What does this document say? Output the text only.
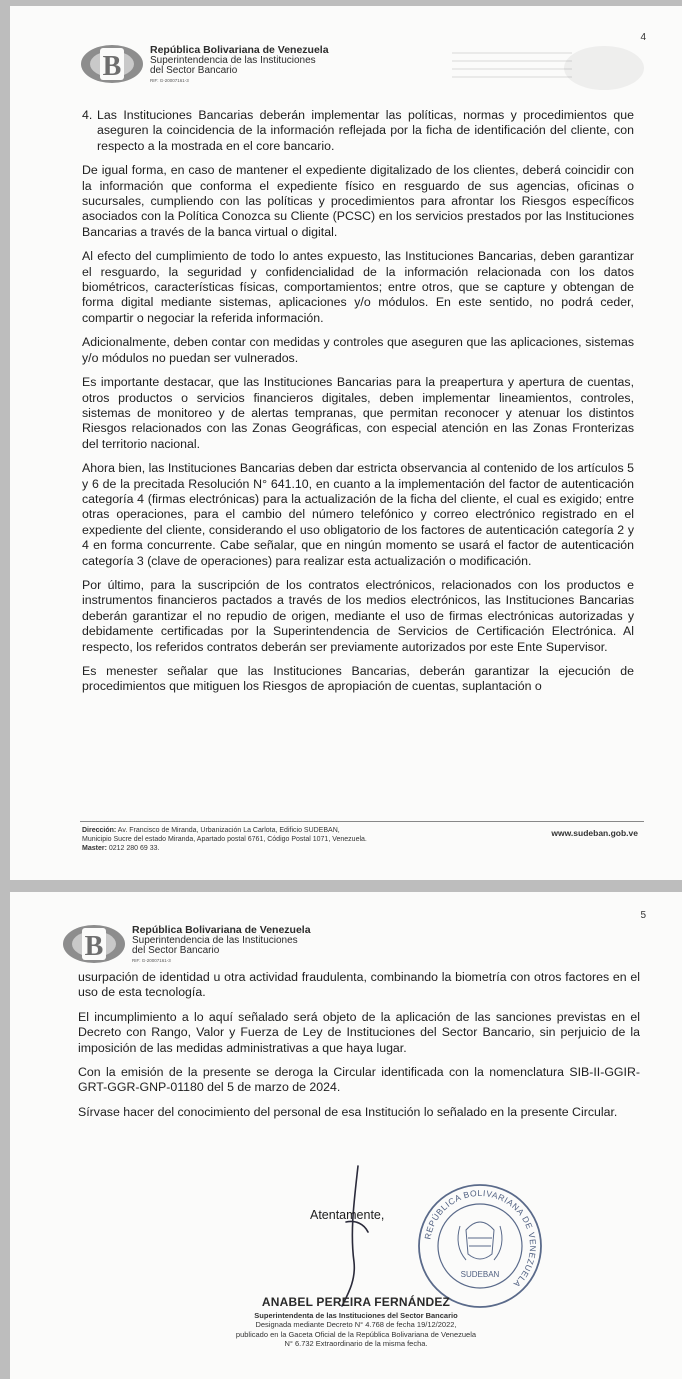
4
B
República Bolivariana de Venezuela
Superintendencia de las Instituciones
del Sector Bancario
RIF: G-20007161-3

4. Las Instituciones Bancarias deberán implementar las políticas, normas y procedimientos que aseguren la coincidencia de la información reflejada por la ficha de identificación del cliente, con respecto a la mostrada en el core bancario.

De igual forma, en caso de mantener el expediente digitalizado de los clientes, deberá coincidir con la información que conforma el expediente físico en resguardo de sus agencias, oficinas o sucursales, cumpliendo con las políticas y procedimientos para afrontar los Riesgos específicos asociados con la Política Conozca su Cliente (PCSC) en los servicios prestados por las Instituciones Bancarias a través de la banca virtual o digital.

Al efecto del cumplimiento de todo lo antes expuesto, las Instituciones Bancarias, deben garantizar el resguardo, la seguridad y confidencialidad de la información relacionada con los datos biométricos, características físicas, comportamientos; entre otros, que se capture y obtengan de forma digital mediante sistemas, aplicaciones y/o módulos. En este sentido, no podrá ceder, compartir o negociar la referida información.

Adicionalmente, deben contar con medidas y controles que aseguren que las aplicaciones, sistemas y/o módulos no puedan ser vulnerados.

Es importante destacar, que las Instituciones Bancarias para la preapertura y apertura de cuentas, otros productos o servicios financieros digitales, deben implementar lineamientos, controles, sistemas de monitoreo y de alertas tempranas, que permitan reconocer y atenuar los distintos Riesgos relacionados con las Zonas Geográficas, con especial atención en las Zonas Fronterizas del territorio nacional.

Ahora bien, las Instituciones Bancarias deben dar estricta observancia al contenido de los artículos 5 y 6 de la precitada Resolución N° 641.10, en cuanto a la implementación del factor de autenticación categoría 4 (firmas electrónicas) para la actualización de la ficha del cliente, el cual es exigido; entre otras operaciones, para el cambio del número telefónico y correo electrónico registrado en el expediente del cliente, considerando el uso obligatorio de los factores de autenticación categoría 2 y 4 en forma concurrente. Cabe señalar, que en ningún momento se usará el factor de autenticación categoría 3 (clave de operaciones) para realizar esta actualización o modificación.

Por último, para la suscripción de los contratos electrónicos, relacionados con los productos e instrumentos financieros pactados a través de los medios electrónicos, las Instituciones Bancarias deberán garantizar el no repudio de origen, mediante el uso de firmas electrónicas autorizadas y debidamente certificadas por la Superintendencia de Servicios de Certificación Electrónica. Al respecto, los referidos contratos deberán ser previamente autorizados por este Ente Supervisor.

Es menester señalar que las Instituciones Bancarias, deberán garantizar la ejecución de procedimientos que mitiguen los Riesgos de apropiación de cuentas, suplantación o

Dirección: Av. Francisco de Miranda, Urbanización La Carlota, Edificio SUDEBAN,
Municipio Sucre del estado Miranda, Apartado postal 6761, Código Postal 1071, Venezuela.
Master: 0212 280 69 33.
www.sudeban.gob.ve
5
B
República Bolivariana de Venezuela
Superintendencia de las Instituciones
del Sector Bancario
RIF: G-20007161-3

usurpación de identidad u otra actividad fraudulenta, combinando la biometría con otros factores en el uso de esta tecnología.

El incumplimiento a lo aquí señalado será objeto de la aplicación de las sanciones previstas en el Decreto con Rango, Valor y Fuerza de Ley de Instituciones del Sector Bancario, sin perjuicio de la imposición de las medidas administrativas a que haya lugar.

Con la emisión de la presente se deroga la Circular identificada con la nomenclatura SIB-II-GGIR-GRT-GGR-GNP-01180 del 5 de marzo de 2024.

Sírvase hacer del conocimiento del personal de esa Institución lo señalado en la presente Circular.

REPÚBLICA BOLIVARIANA DE VENEZUELA
SUDEBAN
Atentamente,
ANABEL PEREIRA FERNÁNDEZ
Superintendenta de las Instituciones del Sector Bancario
Designada mediante Decreto N° 4.768 de fecha 19/12/2022,
publicado en la Gaceta Oficial de la República Bolivariana de Venezuela
N° 6.732 Extraordinario de la misma fecha.
